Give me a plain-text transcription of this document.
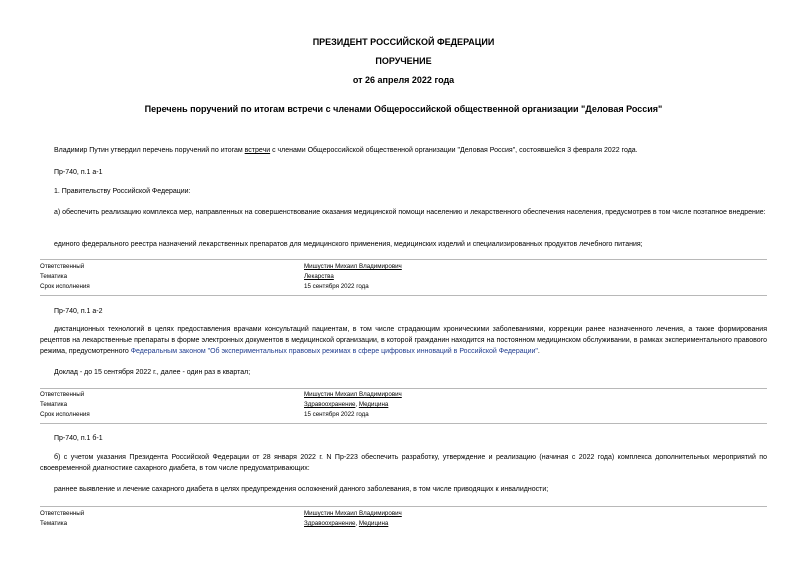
ПРЕЗИДЕНТ РОССИЙСКОЙ ФЕДЕРАЦИИ
ПОРУЧЕНИЕ
от 26 апреля 2022 года
Перечень поручений по итогам встречи с членами Общероссийской общественной организации "Деловая Россия"
Владимир Путин утвердил перечень поручений по итогам встречи с членами Общероссийской общественной организации "Деловая Россия", состоявшейся 3 февраля 2022 года.
Пр-740, п.1 а-1
1. Правительству Российской Федерации:
а) обеспечить реализацию комплекса мер, направленных на совершенствование оказания медицинской помощи населению и лекарственного обеспечения населения, предусмотрев в том числе поэтапное внедрение:
единого федерального реестра назначений лекарственных препаратов для медицинского применения, медицинских изделий и специализированных продуктов лечебного питания;
Ответственный	Мишустин Михаил Владимирович
Тематика	Лекарства
Срок исполнения	15 сентября 2022 года
Пр-740, п.1 а-2
дистанционных технологий в целях предоставления врачами консультаций пациентам, в том числе страдающим хроническими заболеваниями, коррекции ранее назначенного лечения, а также формирования рецептов на лекарственные препараты в форме электронных документов в медицинской организации, в которой гражданин находится на постоянном медицинском обслуживании, в рамках экспериментального правового режима, предусмотренного Федеральным законом "Об экспериментальных правовых режимах в сфере цифровых инноваций в Российской Федерации".
Доклад - до 15 сентября 2022 г., далее - один раз в квартал;
Ответственный	Мишустин Михаил Владимирович
Тематика	Здравоохранение, Медицина
Срок исполнения	15 сентября 2022 года
Пр-740, п.1 б-1
б) с учетом указания Президента Российской Федерации от 28 января 2022 г. N Пр-223 обеспечить разработку, утверждение и реализацию (начиная с 2022 года) комплекса дополнительных мероприятий по своевременной диагностике сахарного диабета, в том числе предусматривающих:
раннее выявление и лечение сахарного диабета в целях предупреждения осложнений данного заболевания, в том числе приводящих к инвалидности;
Ответственный	Мишустин Михаил Владимирович
Тематика	Здравоохранение, Медицина
